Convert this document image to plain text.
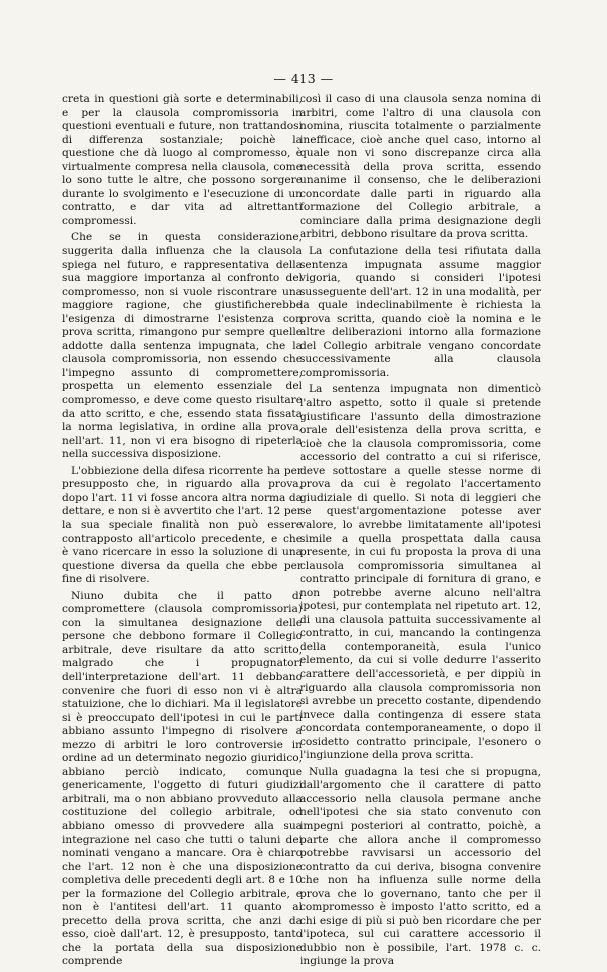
— 413 —

creta in questioni già sorte e determinabili, e per la clausola compromissoria in questioni eventuali e future, non trattandosi di differenza sostanziale; poichè la questione che dà luogo al compromesso, è virtualmente compresa nella clausola, come lo sono tutte le altre, che possono sorgere durante lo svolgimento e l'esecuzione di un contratto, e dar vita ad altrettanti compromessi.

Che se in questa considerazione, suggerita dalla influenza che la clausola spiega nel futuro, e rappresentativa della sua maggiore importanza al confronto del compromesso, non si vuole riscontrare una maggiore ragione, che giustificherebbe l'esigenza di dimostrarne l'esistenza con prova scritta, rimangono pur sempre quelle addotte dalla sentenza impugnata, che la clausola compromissoria, non essendo che l'impegno assunto di compromettere, prospetta un elemento essenziale del compromesso, e deve come questo risultare da atto scritto, e che, essendo stata fissata la norma legislativa, in ordine alla prova, nell'art. 11, non vi era bisogno di ripeterla nella successiva disposizione.

L'obbiezione della difesa ricorrente ha per presupposto che, in riguardo alla prova, dopo l'art. 11 vi fosse ancora altra norma da dettare, e non si è avvertito che l'art. 12 per la sua speciale finalità non può essere contrapposto all'articolo precedente, e che è vano ricercare in esso la soluzione di una questione diversa da quella che ebbe per fine di risolvere.

Niuno dubita che il patto di compromettere (clausola compromissoria) con la simultanea designazione delle persone che debbono formare il Collegio arbitrale, deve risultare da atto scritto, malgrado che i propugnatori dell'interpretazione dell'art. 11 debbano convenire che fuori di esso non vi è altra statuizione, che lo dichiari. Ma il legislatore si è preoccupato dell'ipotesi in cui le parti abbiano assunto l'impegno di risolvere a mezzo di arbitri le loro controversie in ordine ad un determinato negozio giuridico, abbiano perciò indicato, comunque genericamente, l'oggetto di futuri giudizi arbitrali, ma o non abbiano provveduto alla costituzione del collegio arbitrale, od abbiano omesso di provvedere alla sua integrazione nel caso che tutti o taluni dei nominati vengano a mancare. Ora è chiaro che l'art. 12 non è che una disposizione completiva delle precedenti degli art. 8 e 10 per la formazione del Collegio arbitrale, e non è l'antitesi dell'art. 11 quanto al precetto della prova scritta, che anzi da esso, cioè dall'art. 12, è presupposto, tanto che la portata della sua disposizione comprende

così il caso di una clausola senza nomina di arbitri, come l'altro di una clausola con nomina, riuscita totalmente o parzialmente inefficace, cioè anche quel caso, intorno al quale non vi sono discrepanze circa alla necessità della prova scritta, essendo unanime il consenso, che le deliberazioni concordate dalle parti in riguardo alla formazione del Collegio arbitrale, a cominciare dalla prima designazione degli arbitri, debbono risultare da prova scritta.

La confutazione della tesi rifiutata dalla sentenza impugnata assume maggior vigoria, quando si consideri l'ipotesi susseguente dell'art. 12 in una modalità, per la quale indeclinabilmente è richiesta la prova scritta, quando cioè la nomina e le altre deliberazioni intorno alla formazione del Collegio arbitrale vengano concordate successivamente alla clausola compromissoria.

La sentenza impugnata non dimenticò l'altro aspetto, sotto il quale si pretende giustificare l'assunto della dimostrazione orale dell'esistenza della prova scritta, e cioè che la clausola compromissoria, come accessorio del contratto a cui si riferisce, deve sottostare a quelle stesse norme di prova da cui è regolato l'accertamento giudiziale di quello. Si nota di leggieri che se quest'argomentazione potesse aver valore, lo avrebbe limitatamente all'ipotesi simile a quella prospettata dalla causa presente, in cui fu proposta la prova di una clausola compromissoria simultanea al contratto principale di fornitura di grano, e non potrebbe averne alcuno nell'altra ipotesi, pur contemplata nel ripetuto art. 12, di una clausola pattuita successivamente al contratto, in cui, mancando la contingenza della contemporaneità, esula l'unico elemento, da cui si volle dedurre l'asserito carattere dell'accessorietà, e per dippiù in riguardo alla clausola compromissoria non si avrebbe un precetto costante, dipendendo invece dalla contingenza di essere stata concordata contemporaneamente, o dopo il cosidetto contratto principale, l'esonero o l'ingiunzione della prova scritta.

Nulla guadagna la tesi che si propugna, dall'argomento che il carattere di patto accessorio nella clausola permane anche nell'ipotesi che sia stato convenuto con impegni posteriori al contratto, poichè, a parte che allora anche il compromesso potrebbe ravvisarsi un accessorio del contratto da cui deriva, bisogna convenire che non ha influenza sulle norme della prova che lo governano, tanto che per il compromesso è imposto l'atto scritto, ed a chi esige di più si può ben ricordare che per l'ipoteca, sul cui carattere accessorio il dubbio non è possibile, l'art. 1978 c. c. ingiunge la prova
